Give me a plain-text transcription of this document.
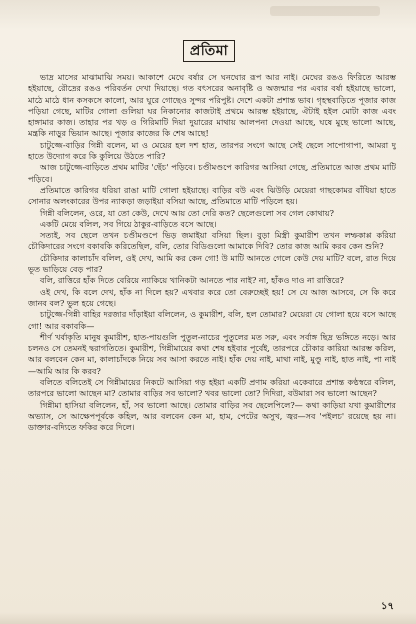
প্রতিমা

ভাদ্র মাসের মাঝামাঝি সময়। আকাশে মেঘে বর্ষার সে ঘনঘোর রূপ আর নাই। মেঘের রঙও ফিরিতে আরম্ভ হইয়াছে, রৌদ্রের রঙও পরিবর্তন দেখা দিয়াছে। গত বৎসরের অনাবৃষ্টি ও অজন্মার পর এবার বর্ষা হইয়াছে ভালো, মাঠে মাঠে ধান কসকসে কালো, আর ঘুরে গোছেও সুন্দর পরিপুষ্ট। দেশে একটা প্রশান্ত ভাব। গৃহস্থবাড়িতে পূজার কাজ পড়িয়া গেছে, মাটির গোলা গুলিয়া ঘর নিকানোর কাজটাই প্রথমে আরম্ভ হইয়াছে, ঐটাই হইল মোটা কাজ এবং হাঙ্গামার কাজ। তাহার পর খড় ও গিরিমাটি দিয়া দুয়ারের মাথায় আলপনা দেওয়া আছে, ঘষে মুছে ভালো আছে, মন্ত্রকি নাড়ুর ভিয়ান আছে। পূজার কাজের কি শেষ আছে!

চাটুজ্জে-বাড়ির গিন্নী বলেন, মা ও মেয়ের হল দশ হাত, তারপর সংগে আছে সেই ছেলে সাপোগাপা, আমরা দু হাতে উদ্যোগ করে কি কুলিয়ে উঠতে পারি?

আজ চাটুজ্জে-বাড়িতে প্রথম মাটির 'ছেঁচ' পড়িবে। চণ্ডীমণ্ডপে কারিগর আসিয়া গেছে, প্রতিমাতে আজ প্রথম মাটি পড়িবে।

প্রতিমাতে কারিগর ধরিয়া রাঙা মাটি গোলা হইয়াছে। বাড়ির বউ এবং ঝিউড়ি মেয়েরা গাছকোমর বাঁধিয়া হাতে সোনার অলংকারের উপর ন্যাকড়া জড়াইয়া বসিয়া আছে, প্রতিমাতে মাটি পড়িলে হয়।

গিন্নী বলিলেন, ওরে, যা তো কেউ, দেখে আয় তো দেরি কত? ছেলেগুলো সব গেল কোথায়?

একটি মেয়ে বলিল, সব গিয়ে ঠাকুর-বাড়িতে বসে আছে।

সত্যই, সব ছেলে তখন চণ্ডীমণ্ডপে ভিড় জমাইয়া বসিয়া ছিল। বুড়া মিস্ত্রী কুমারীশ তখন লম্ফকাপ্প করিয়া চৌকিদারের সংগে বকাবকি করিতেছিল, বলি, তোর বিডিগুলো আমাকে দিবি? তোর কাজ আমি করব কেন শুনি?

চৌকিদার কালাচাঁদ বলিল, ওই দেখ, আমি কর কেন গো! উ মাটি আনতে গেলে কেউ দেয় মাটি? বলে, রাত দিয়ে ভূত ভাড়িয়ে বেড় পার?

বলি, রাত্তিরে হাঁক দিতে বেরিয়ে ন্যাকিয়ে খানিকটা আনতে পার নাই? না, হাঁক‍ও দাও না রাত্তিরে?

ওই দেখ, কি বলে দেখ, হাঁক না দিলে হয়? এখবার করে তো বেরুচ্ছেই হয়! সে যে আজ আসবে, সে কি করে জানব বল? ভুল হয়ে গেছে।

চাটুজ্জে-গিন্নী বাহির দরজার দাঁড়াইয়া বলিলেন, ও কুমারীশ, বলি, হল তোমার? মেয়েরা যে গোলা হয়ে বসে আছে গো! আর বকাবকি—

শীর্ণ খর্বাকৃতি মানুষ কুমারীশ, হাত-পায়গুলি পুতুল-নাচের পুতুলের মত সরু, এবং সর্বাঙ্গ ছিদ্র ভঙ্গিতে নড়ে। আর চলনও সে তেমনই দ্বরাগতিতে। কুমারীশ, গিন্নীমায়ের কথা শেষ হইবার পূর্বেই, তারপরে চৌকার কারিয়া আরম্ভ করিল, আর বলবেন কেন মা, কালাচাঁদকে নিয়ে সব আসা করতে নাই। হাঁক দেয় নাই, মাথা নাই, মুণ্ডু নাই, হাত নাই, পা নাই—আমি আর কি করব?

বলিতে বলিতেই সে গিন্নীমায়ের নিকটে আসিয়া গড় হইয়া একটি প্রণাম করিয়া একেবারে প্রশান্ত কণ্ঠস্বরে বলিল, তারপরে ভালো আছেন মা? তোমার বাড়ির সব ভালো? খবর ভালো তো? দিদিরা, বউমারা সব ভালো আছেন?

গিন্নীমা হাসিয়া বলিলেন, হাঁ, সব ভালো আছে। তোমার বাড়ির সব ছেলেপিলে?— কথা কাড়িয়া যখা কুমারীশের অভ্যাস, সে আক্ষেপপূর্বকে কহিল, আর বলবেন কেন মা, হাম, পেটের অসুখ, জ্বর—সব 'পইলচ' রয়েছে হয় না। ডাক্তার-বদ্যিতে ফকির করে দিলে।

১৭
